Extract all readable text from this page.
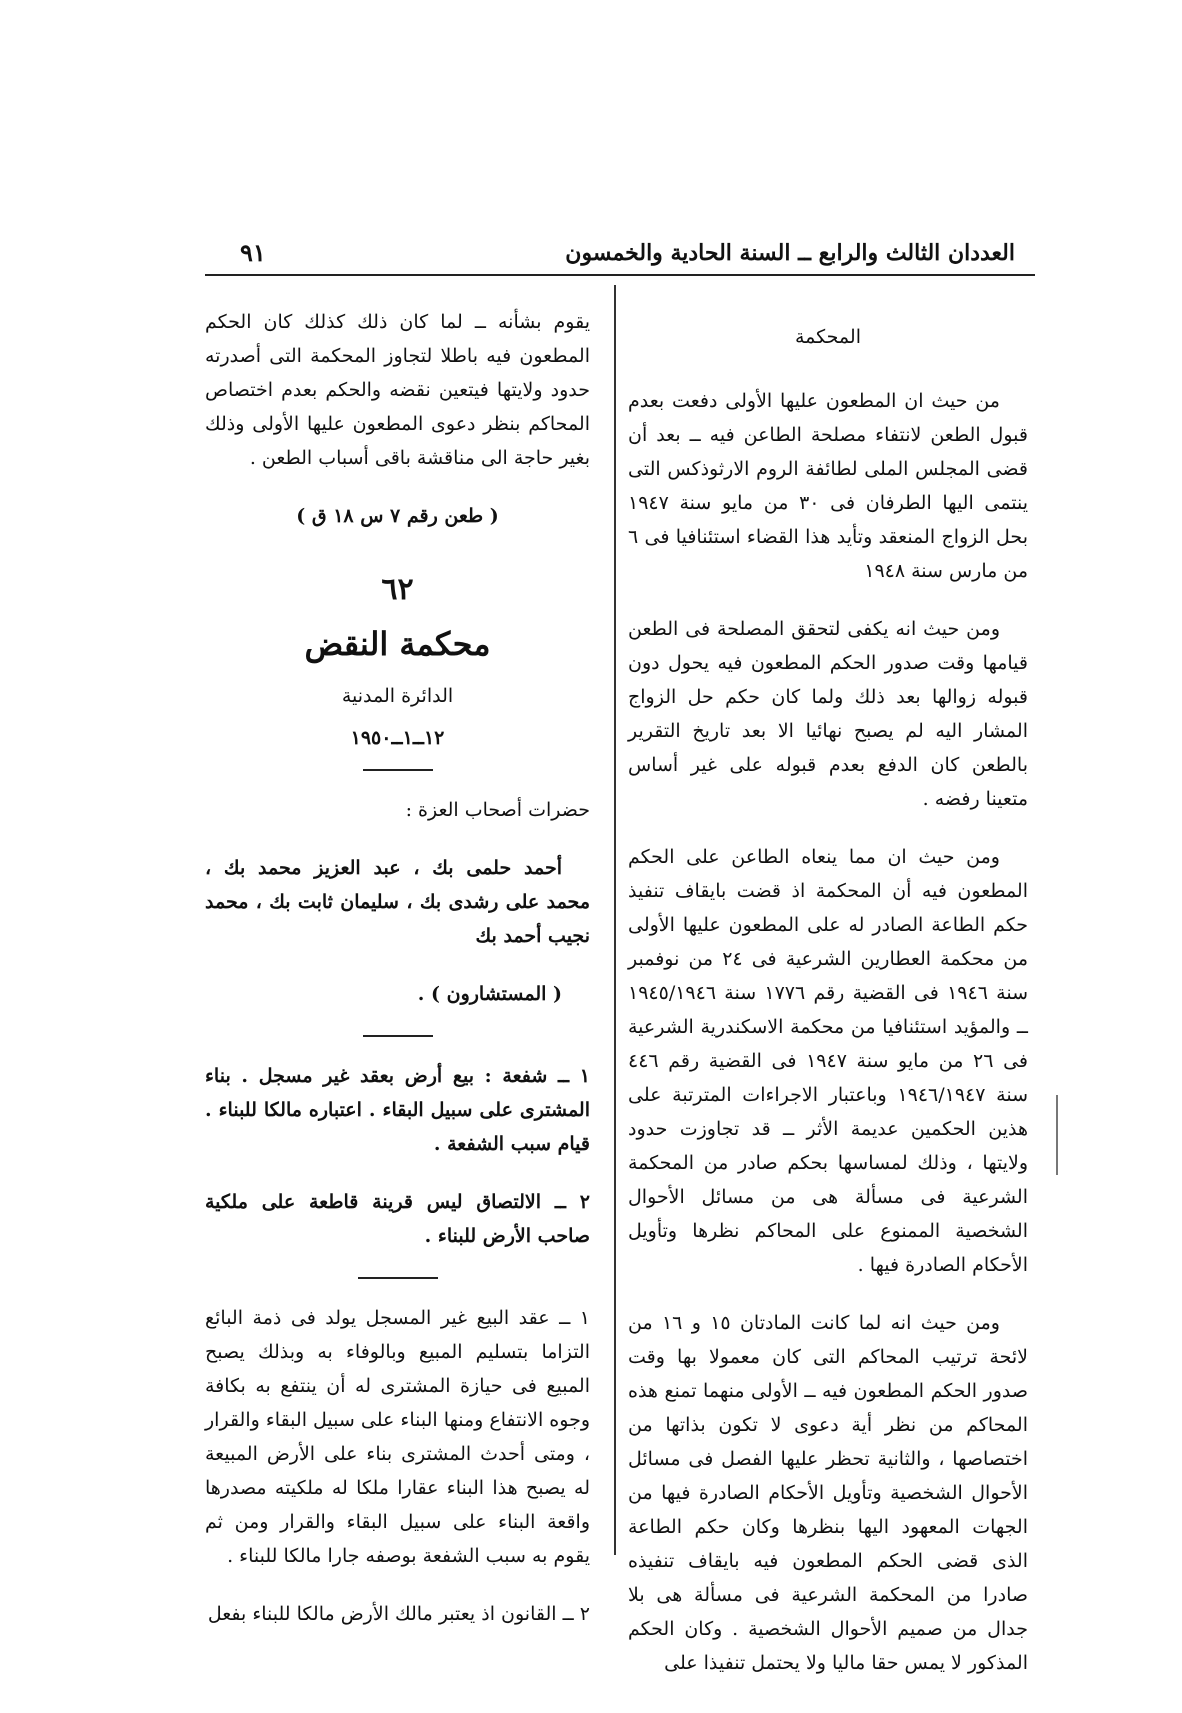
العددان الثالث والرابع ــ السنة الحادية والخمسون
٩١
المحكمة

من حيث ان المطعون عليها الأولى دفعت بعدم قبول الطعن لانتفاء مصلحة الطاعن فيه ــ بعد أن قضى المجلس الملى لطائفة الروم الارثوذكس التى ينتمى اليها الطرفان فى ٣٠ من مايو سنة ١٩٤٧ بحل الزواج المنعقد وتأيد هذا القضاء استئنافيا فى ٦ من مارس سنة ١٩٤٨

ومن حيث انه يكفى لتحقق المصلحة فى الطعن قيامها وقت صدور الحكم المطعون فيه يحول دون قبوله زوالها بعد ذلك ولما كان حكم حل الزواج المشار اليه لم يصبح نهائيا الا بعد تاريخ التقرير بالطعن كان الدفع بعدم قبوله على غير أساس متعينا رفضه .

ومن حيث ان مما ينعاه الطاعن على الحكم المطعون فيه أن المحكمة اذ قضت بايقاف تنفيذ حكم الطاعة الصادر له على المطعون عليها الأولى من محكمة العطارين الشرعية فى ٢٤ من نوفمبر سنة ١٩٤٦ فى القضية رقم ١٧٧٦ سنة ١٩٤٥/١٩٤٦ ــ والمؤيد استئنافيا من محكمة الاسكندرية الشرعية فى ٢٦ من مايو سنة ١٩٤٧ فى القضية رقم ٤٤٦ سنة ١٩٤٦/١٩٤٧ وباعتبار الاجراءات المترتبة على هذين الحكمين عديمة الأثر ــ قد تجاوزت حدود ولايتها ، وذلك لمساسها بحكم صادر من المحكمة الشرعية فى مسألة هى من مسائل الأحوال الشخصية الممنوع على المحاكم نظرها وتأويل الأحكام الصادرة فيها .

ومن حيث انه لما كانت المادتان ١٥ و ١٦ من لائحة ترتيب المحاكم التى كان معمولا بها وقت صدور الحكم المطعون فيه ــ الأولى منهما تمنع هذه المحاكم من نظر أية دعوى لا تكون بذاتها من اختصاصها ، والثانية تحظر عليها الفصل فى مسائل الأحوال الشخصية وتأويل الأحكام الصادرة فيها من الجهات المعهود اليها بنظرها وكان حكم الطاعة الذى قضى الحكم المطعون فيه بايقاف تنفيذه صادرا من المحكمة الشرعية فى مسألة هى بلا جدال من صميم الأحوال الشخصية . وكان الحكم المذكور لا يمس حقا ماليا ولا يحتمل تنفيذا على

يقوم بشأنه ــ لما كان ذلك كذلك كان الحكم المطعون فيه باطلا لتجاوز المحكمة التى أصدرته حدود ولايتها فيتعين نقضه والحكم بعدم اختصاص المحاكم بنظر دعوى المطعون عليها الأولى وذلك بغير حاجة الى مناقشة باقى أسباب الطعن .

( طعن رقم ٧ س ١٨ ق )
٦٢
محكمة النقض
الدائرة المدنية
١٢ــ١ــ١٩٥٠

حضرات أصحاب العزة :

أحمد حلمى بك ، عبد العزيز محمد بك ، محمد على رشدى بك ، سليمان ثابت بك ، محمد نجيب أحمد بك

( المستشارون ) .

١ ــ شفعة : بيع أرض بعقد غير مسجل . بناء المشترى على سبيل البقاء . اعتباره مالكا للبناء . قيام سبب الشفعة .

٢ ــ الالتصاق ليس قرينة قاطعة على ملكية صاحب الأرض للبناء .

١ ــ عقد البيع غير المسجل يولد فى ذمة البائع التزاما بتسليم المبيع وبالوفاء به وبذلك يصبح المبيع فى حيازة المشترى له أن ينتفع به بكافة وجوه الانتفاع ومنها البناء على سبيل البقاء والقرار ، ومتى أحدث المشترى بناء على الأرض المبيعة له يصبح هذا البناء عقارا ملكا له ملكيته مصدرها واقعة البناء على سبيل البقاء والقرار ومن ثم يقوم به سبب الشفعة بوصفه جارا مالكا للبناء .

٢ ــ القانون اذ يعتبر مالك الأرض مالكا للبناء بفعل
